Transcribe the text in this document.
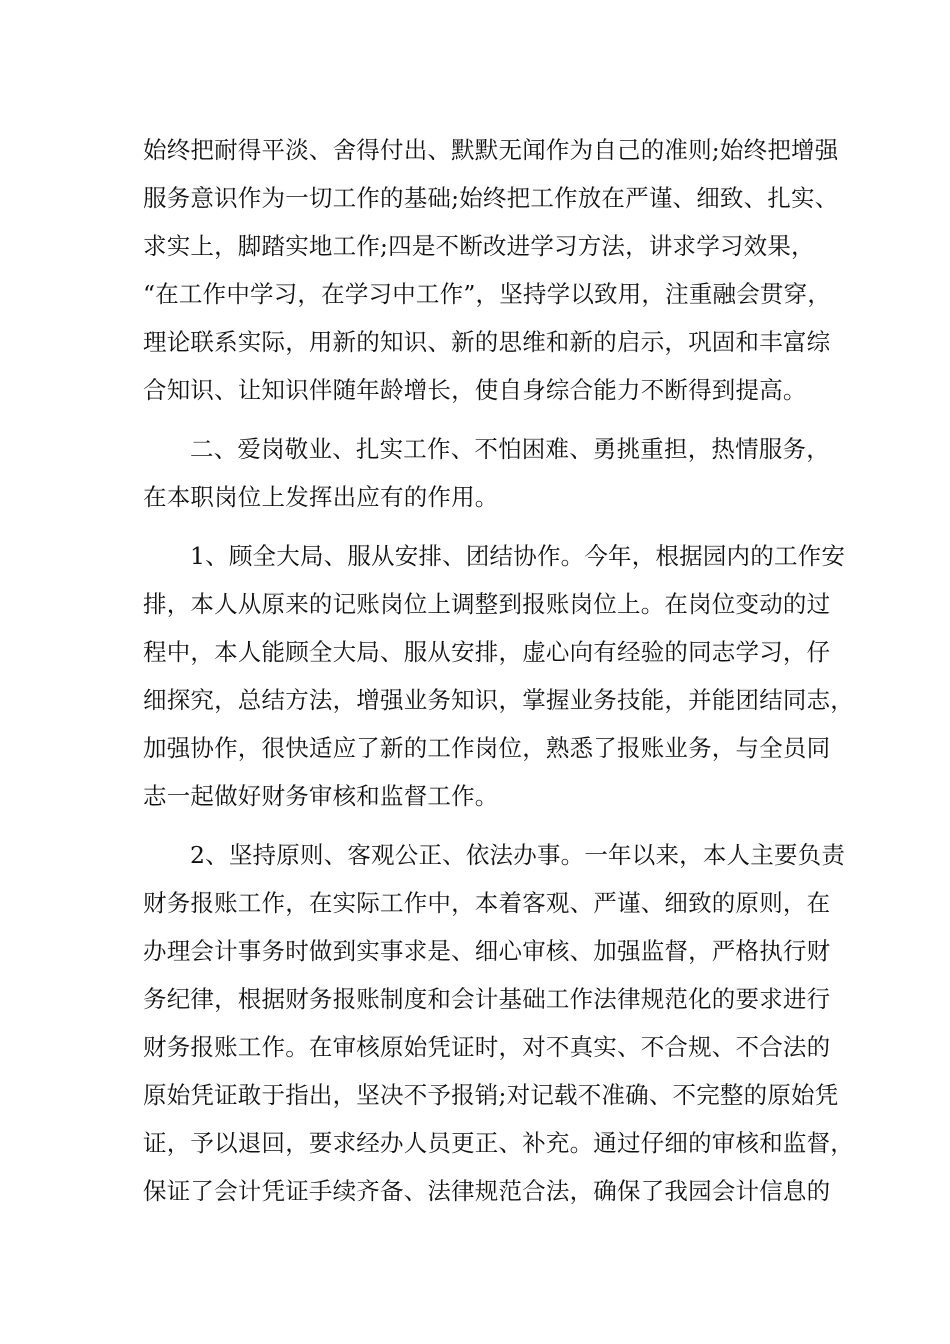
始终把耐得平淡、舍得付出、默默无闻作为自己的准则;始终把增强

服务意识作为一切工作的基础;始终把工作放在严谨、细致、扎实、

求实上，脚踏实地工作;四是不断改进学习方法，讲求学习效果，

“在工作中学习，在学习中工作”，坚持学以致用，注重融会贯穿，

理论联系实际，用新的知识、新的思维和新的启示，巩固和丰富综

合知识、让知识伴随年龄增长，使自身综合能力不断得到提高。

二、爱岗敬业、扎实工作、不怕困难、勇挑重担，热情服务，

在本职岗位上发挥出应有的作用。

1、顾全大局、服从安排、团结协作。今年，根据园内的工作安

排，本人从原来的记账岗位上调整到报账岗位上。在岗位变动的过

程中，本人能顾全大局、服从安排，虚心向有经验的同志学习，仔

细探究，总结方法，增强业务知识，掌握业务技能，并能团结同志，

加强协作，很快适应了新的工作岗位，熟悉了报账业务，与全员同

志一起做好财务审核和监督工作。

2、坚持原则、客观公正、依法办事。一年以来，本人主要负责

财务报账工作，在实际工作中，本着客观、严谨、细致的原则，在

办理会计事务时做到实事求是、细心审核、加强监督，严格执行财

务纪律，根据财务报账制度和会计基础工作法律规范化的要求进行

财务报账工作。在审核原始凭证时，对不真实、不合规、不合法的

原始凭证敢于指出，坚决不予报销;对记载不准确、不完整的原始凭

证，予以退回，要求经办人员更正、补充。通过仔细的审核和监督，

保证了会计凭证手续齐备、法律规范合法，确保了我园会计信息的
